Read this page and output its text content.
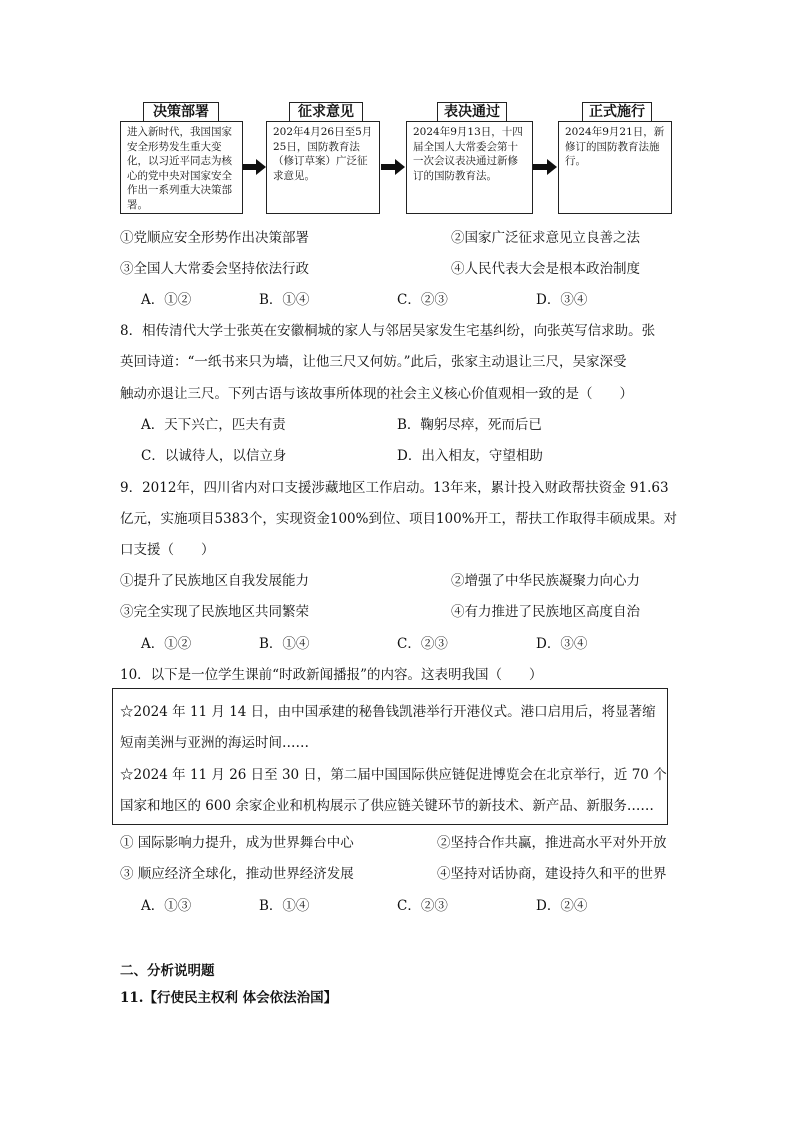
决策部署
进入新时代，我国国家安全形势发生重大变化，以习近平同志为核心的党中央对国家安全作出一系列重大决策部署。
征求意见
202年4月26日至5月25日，国防教育法（修订草案）广泛征求意见。
表决通过
2024年9月13日，十四届全国人大常委会第十一次会议表决通过新修订的国防教育法。
正式施行
2024年9月21日，新修订的国防教育法施行。
①党顺应安全形势作出决策部署	②国家广泛征求意见立良善之法
③全国人大常委会坚持依法行政	④人民代表大会是根本政治制度
A．①②	B．①④	C．②③	D．③④
8．相传清代大学士张英在安徽桐城的家人与邻居吴家发生宅基纠纷，向张英写信求助。张
英回诗道：“一纸书来只为墙，让他三尺又何妨。”此后，张家主动退让三尺，吴家深受
触动亦退让三尺。下列古语与该故事所体现的社会主义核心价值观相一致的是（　　）
A．天下兴亡，匹夫有责	B．鞠躬尽瘁，死而后已
C．以诚待人，以信立身	D．出入相友，守望相助
9．2012年，四川省内对口支援涉藏地区工作启动。13年来，累计投入财政帮扶资金 91.63
亿元，实施项目5383个，实现资金100%到位、项目100%开工，帮扶工作取得丰硕成果。对
口支援（　　）
①提升了民族地区自我发展能力	②增强了中华民族凝聚力向心力
③完全实现了民族地区共同繁荣	④有力推进了民族地区高度自治
A．①②	B．①④	C．②③	D．③④
10．以下是一位学生课前“时政新闻播报”的内容。这表明我国（　　）
☆2024 年 11 月 14 日，由中国承建的秘鲁钱凯港举行开港仪式。港口启用后，将显著缩
短南美洲与亚洲的海运时间……
☆2024 年 11 月 26 日至 30 日，第二届中国国际供应链促进博览会在北京举行，近 70 个
国家和地区的 600 余家企业和机构展示了供应链关键环节的新技术、新产品、新服务……
① 国际影响力提升，成为世界舞台中心	②坚持合作共赢，推进高水平对外开放
③ 顺应经济全球化，推动世界经济发展	④坚持对话协商，建设持久和平的世界
A．①③	B．①④	C．②③	D．②④
二、分析说明题
11.【行使民主权利 体会依法治国】
